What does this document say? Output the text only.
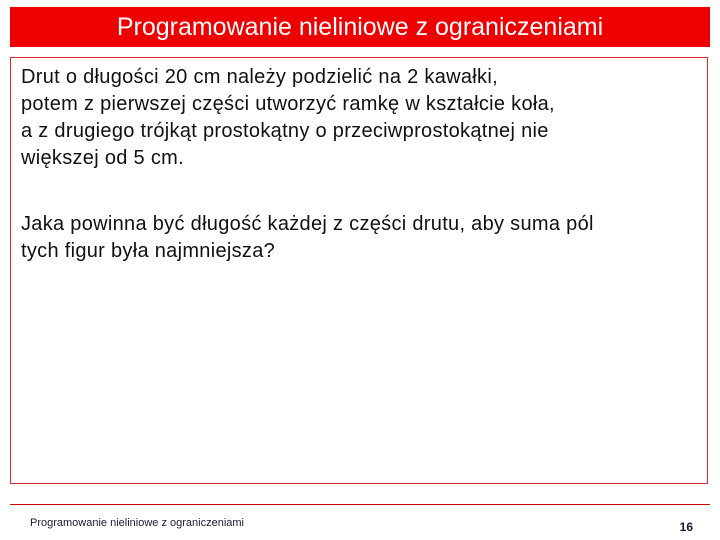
Programowanie nieliniowe z ograniczeniami

Drut o długości 20 cm należy podzielić na 2 kawałki,
potem z pierwszej części utworzyć ramkę w kształcie koła,
a z drugiego trójkąt prostokątny o przeciwprostokątnej nie
większej od 5 cm.

Jaka powinna być długość każdej z części drutu, aby suma pól
tych figur była najmniejsza?

Programowanie nieliniowe z ograniczeniami	16
